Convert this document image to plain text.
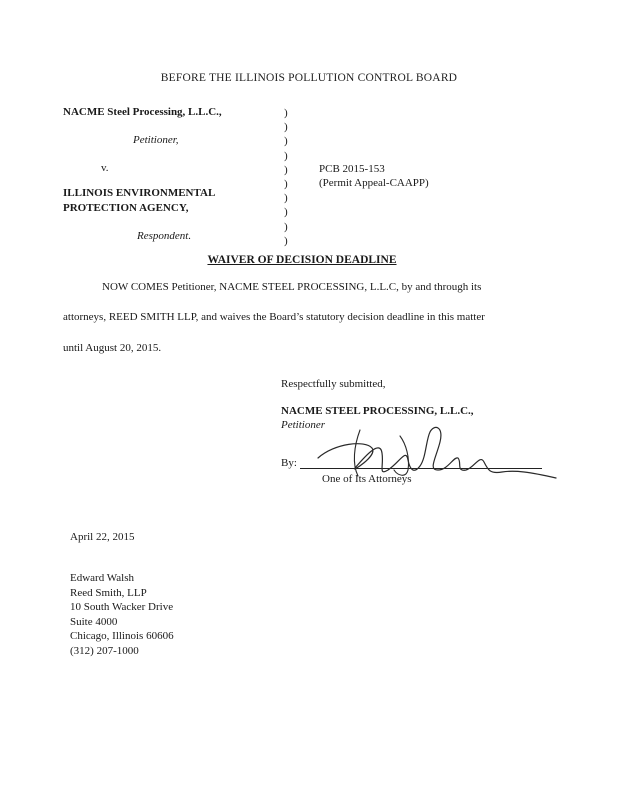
BEFORE THE ILLINOIS POLLUTION CONTROL BOARD
NACME Steel Processing, L.L.C.,
Petitioner,
v.
ILLINOIS ENVIRONMENTAL
PROTECTION AGENCY,
Respondent.
)
)
)
)
)
)
)
)
)
)
PCB 2015-153
(Permit Appeal-CAAPP)
WAIVER OF DECISION DEADLINE
NOW COMES Petitioner, NACME STEEL PROCESSING, L.L.C, by and through its
attorneys, REED SMITH LLP, and waives the Board’s statutory decision deadline in this matter
until August 20, 2015.
Respectfully submitted,
NACME STEEL PROCESSING, L.L.C.,
Petitioner
By:
One of Its Attorneys
April 22, 2015
Edward Walsh
Reed Smith, LLP
10 South Wacker Drive
Suite 4000
Chicago, Illinois 60606
(312) 207-1000
